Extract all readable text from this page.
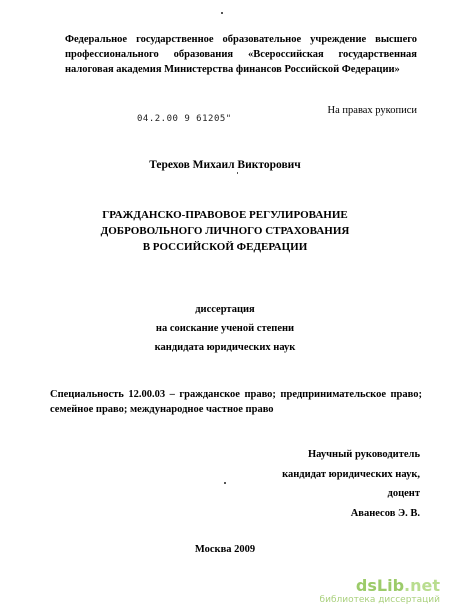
Федеральное государственное образовательное учреждение высшего
профессионального образования «Всероссийская государственная
налоговая академия Министерства финансов Российской Федерации»
На правах рукописи
04.2.00 9 61205"
Терехов Михаил Викторович
ГРАЖДАНСКО-ПРАВОВОЕ РЕГУЛИРОВАНИЕ
ДОБРОВОЛЬНОГО ЛИЧНОГО СТРАХОВАНИЯ
В РОССИЙСКОЙ ФЕДЕРАЦИИ
диссертация
на соискание ученой степени
кандидата юридических наук
Специальность 12.00.03 – гражданское право; предпринимательское право;
семейное право; международное частное право
Научный руководитель
кандидат юридических наук,
доцент
Аванесов Э. В.
Москва 2009
dsLib.net
библиотека диссертаций
